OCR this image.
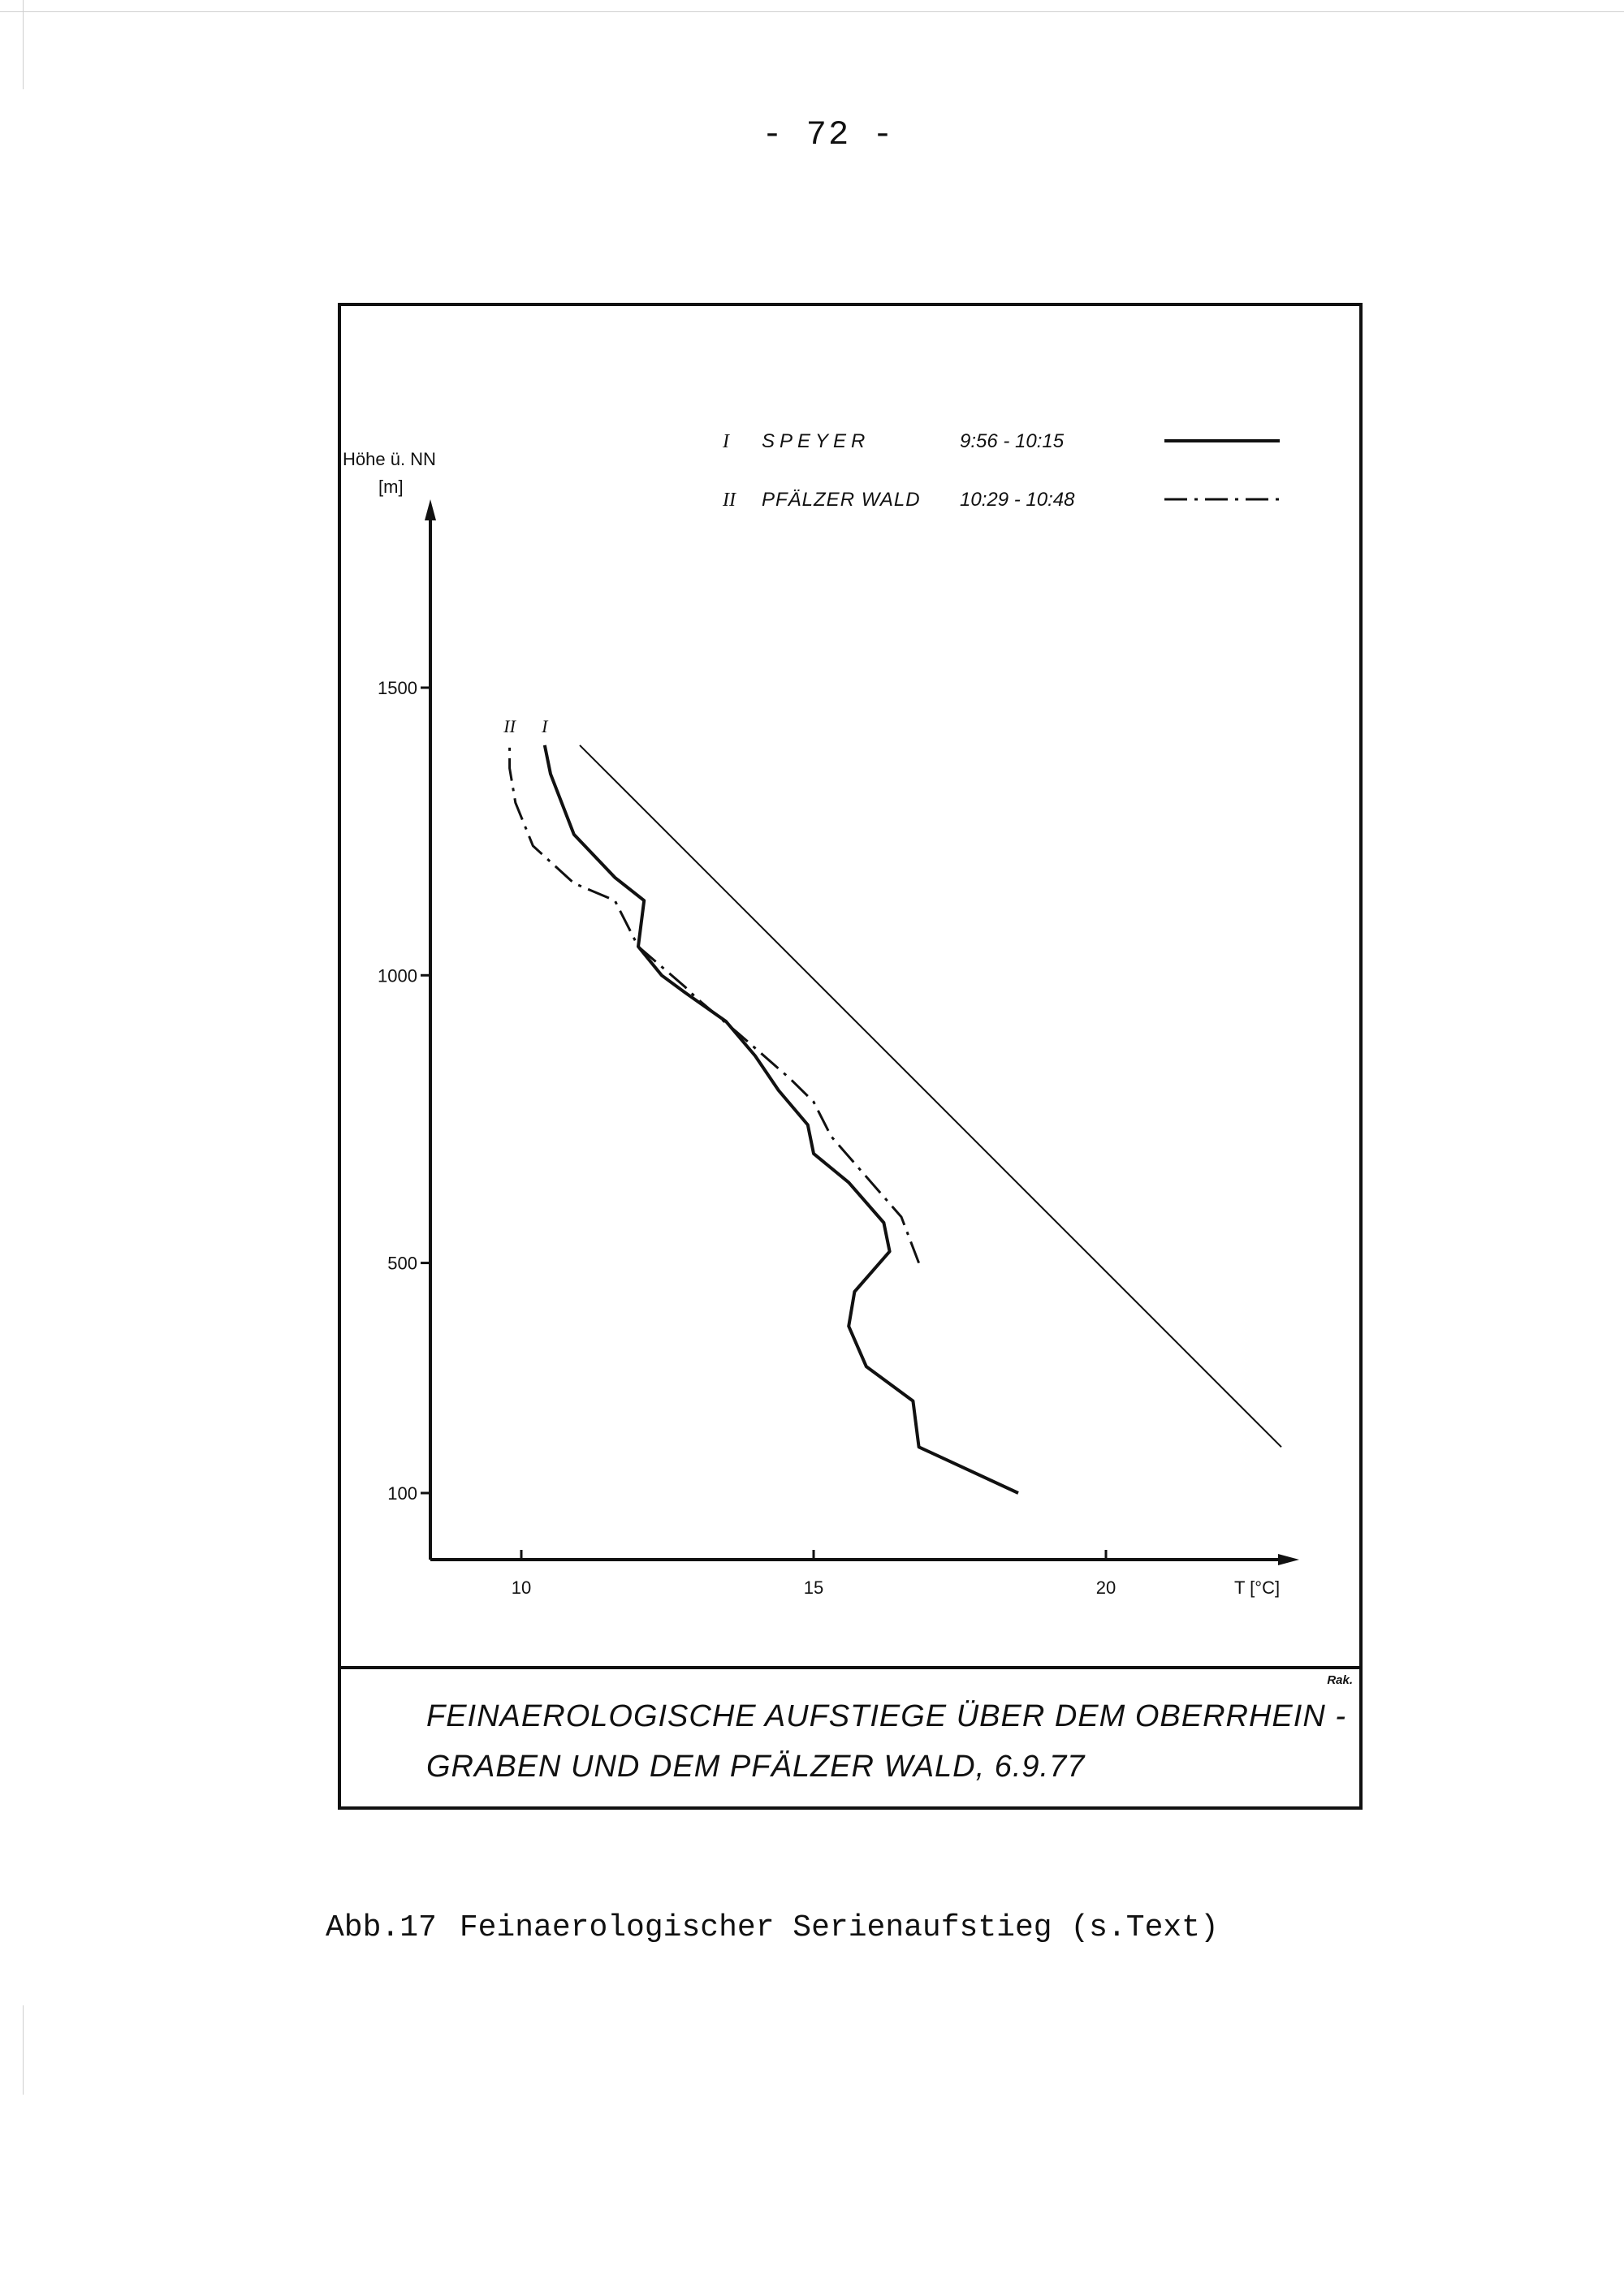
- 72 -
100
500
1000
1500
10	15	20
Höhe ü. NN
[m]
T [°C]
I
II
I SPEYER	9:56 - 10:15
II PFÄLZER WALD 10:29 - 10:48
Rak.
FEINAEROLOGISCHE AUFSTIEGE ÜBER DEM OBERRHEIN -
GRABEN UND DEM PFÄLZER WALD, 6.9.77
Abb.17 Feinaerologischer Serienaufstieg (s.Text)
